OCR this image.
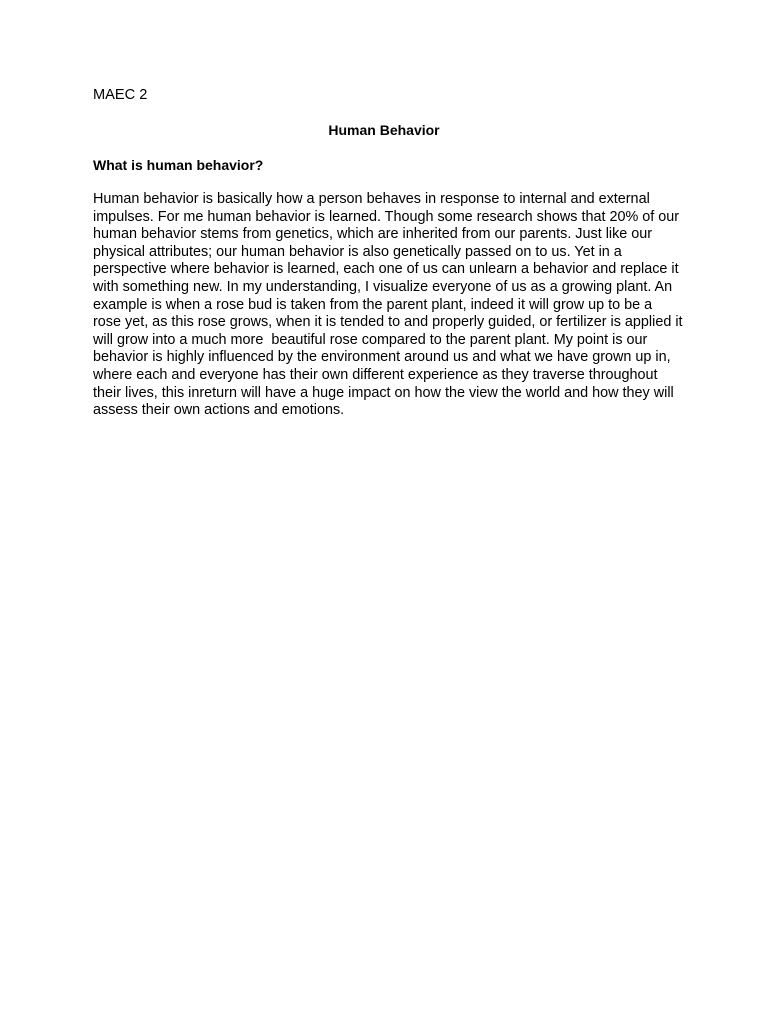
MAEC 2
Human Behavior
What is human behavior?
Human behavior is basically how a person behaves in response to internal and external
impulses. For me human behavior is learned. Though some research shows that 20% of our
human behavior stems from genetics, which are inherited from our parents. Just like our
physical attributes; our human behavior is also genetically passed on to us. Yet in a
perspective where behavior is learned, each one of us can unlearn a behavior and replace it
with something new. In my understanding, I visualize everyone of us as a growing plant. An
example is when a rose bud is taken from the parent plant, indeed it will grow up to be a
rose yet, as this rose grows, when it is tended to and properly guided, or fertilizer is applied it
will grow into a much more  beautiful rose compared to the parent plant. My point is our
behavior is highly influenced by the environment around us and what we have grown up in,
where each and everyone has their own different experience as they traverse throughout
their lives, this inreturn will have a huge impact on how the view the world and how they will
assess their own actions and emotions.
